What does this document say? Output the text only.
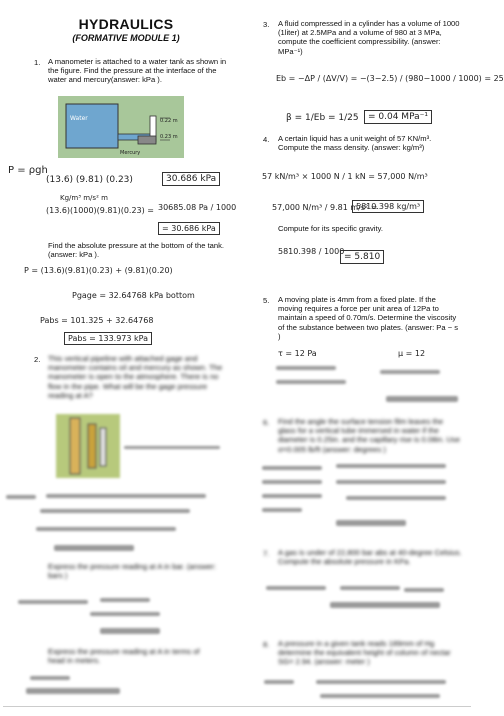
HYDRAULICS
(FORMATIVE MODULE 1)
1. A manometer is attached to a water tank as shown in the figure. Find the pressure at the interface of the water and mercury(answer: kPa ).
Water	0.22 m
0.23 m
Mercury
P = ρgh
(13.6) (9.81) (0.23)	30.686 kPa
Kg/m³ m/s² m
(13.6)(1000)(9.81)(0.23) = 30685.08 Pa / 1000
= 30.686 kPa
Find the absolute pressure at the bottom of the tank. (answer: kPa ).
P = (13.6)(9.81)(0.23) + (9.81)(0.20)
Pgage = 32.64768 kPa bottom
Pabs = 101.325 + 32.64768
Pabs = 133.973 kPa
2. This vertical pipeline with attached gage and manometer contains oil and mercury as shown. The manometer is open to the atmosphere. There is no flow in the pipe. What will be the gage pressure reading at A?
Express the pressure reading at A in bar. (answer: bars )
Express the pressure reading at A in terms of head in meters.
3. A fluid compressed in a cylinder has a volume of 1000 (1liter) at 2.5MPa and a volume of 980 at 3 MPa, compute the coefficient compressibility. (answer: MPa⁻¹)
Eb = −ΔP / (ΔV/V) = −(3−2.5) / (980−1000 / 1000) = 25
β = 1/Eb = 1/25	= 0.04 MPa⁻¹
4. A certain liquid has a unit weight of 57 KN/m³. Compute the mass density. (answer: kg/m³)
57 kN/m³ × 1000 N / 1 kN = 57,000 N/m³
57,000 N/m³ / 9.81 m/s² =
5810.398 kg/m³
Compute for its specific gravity.
5810.398 / 1000
= 5.810
5. A moving plate is 4mm from a fixed plate. If the moving requires a force per unit area of 12Pa to maintain a speed of 0.70m/s. Determine the viscosity of the substance between two plates. (answer: Pa − s )
τ = 12 Pa	μ = 12
6. Find the angle the surface tension film leaves the glass for a vertical tube immersed in water if the diameter is 0.25in. and the capillary rise is 0.08in. Use σ=0.005 lb/ft (answer: degrees )
7. A gas is under of 22,800 bar abs at 40-degree Celsius. Compute the absolute pressure in KPa.
8. A pressure in a given tank reads 189mm of Hg determine the equivalent height of column of nectar SG= 2.94. (answer: meter )
